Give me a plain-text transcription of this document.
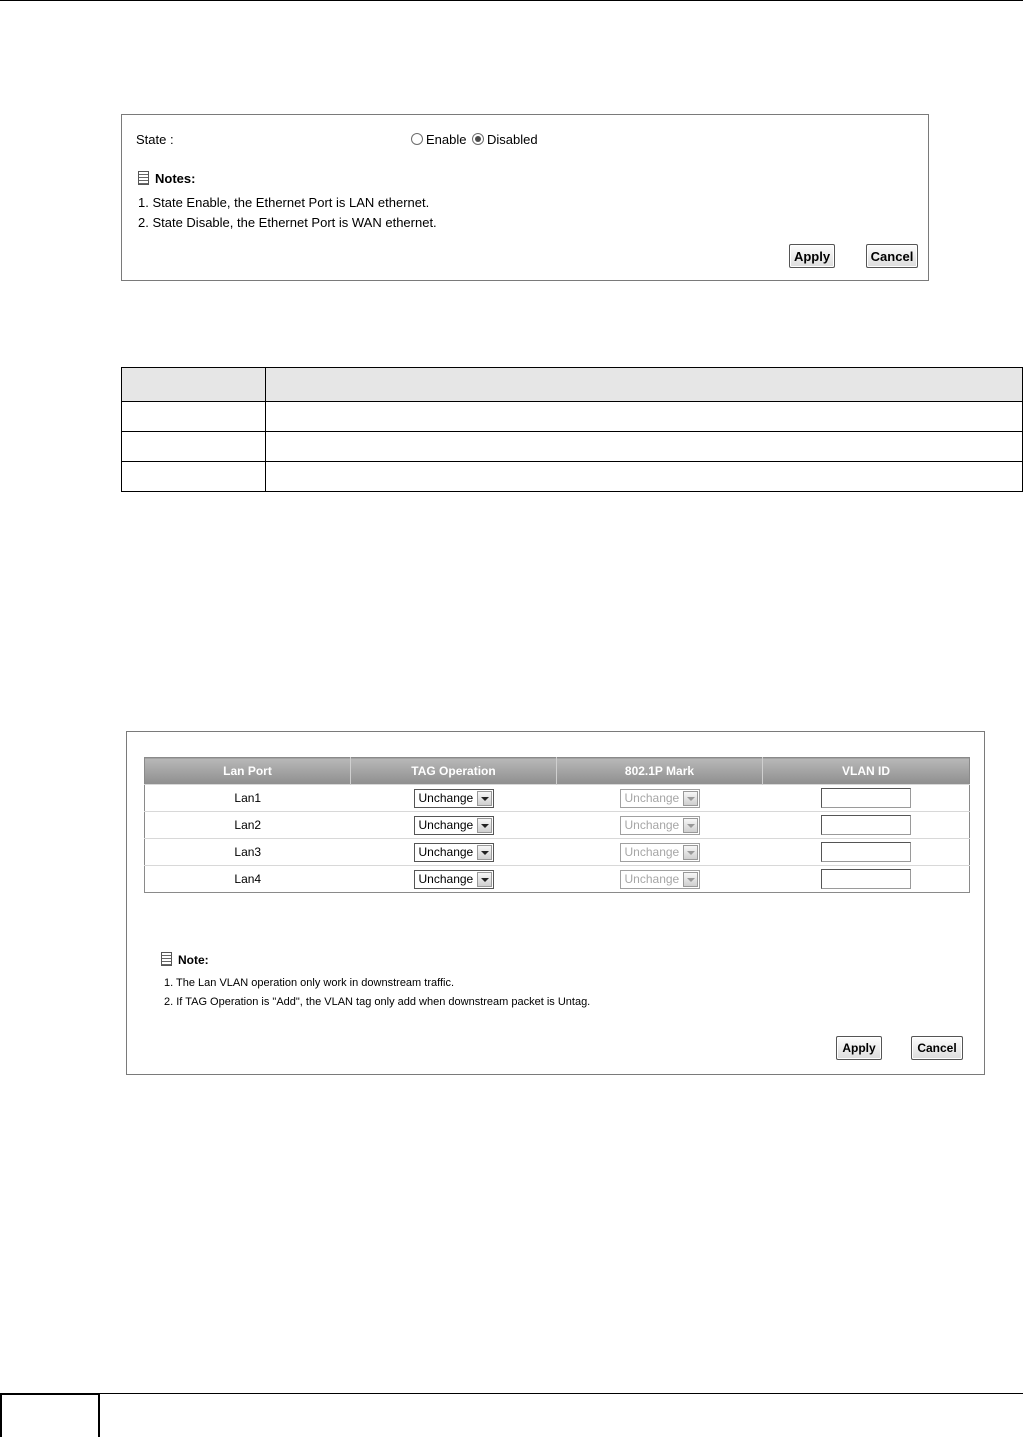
State :	Enable	Disabled
Notes:
1. State Enable, the Ethernet Port is LAN ethernet.
2. State Disable, the Ethernet Port is WAN ethernet.
Apply	Cancel

Lan Port	TAG Operation	802.1P Mark	VLAN ID
Lan1	Unchange	Unchange

Lan2	Unchange	Unchange

Lan3	Unchange	Unchange

Lan4	Unchange	Unchange

Note:
1. The Lan VLAN operation only work in downstream traffic.
2. If TAG Operation is "Add", the VLAN tag only add when downstream packet is Untag.
Apply	Cancel
